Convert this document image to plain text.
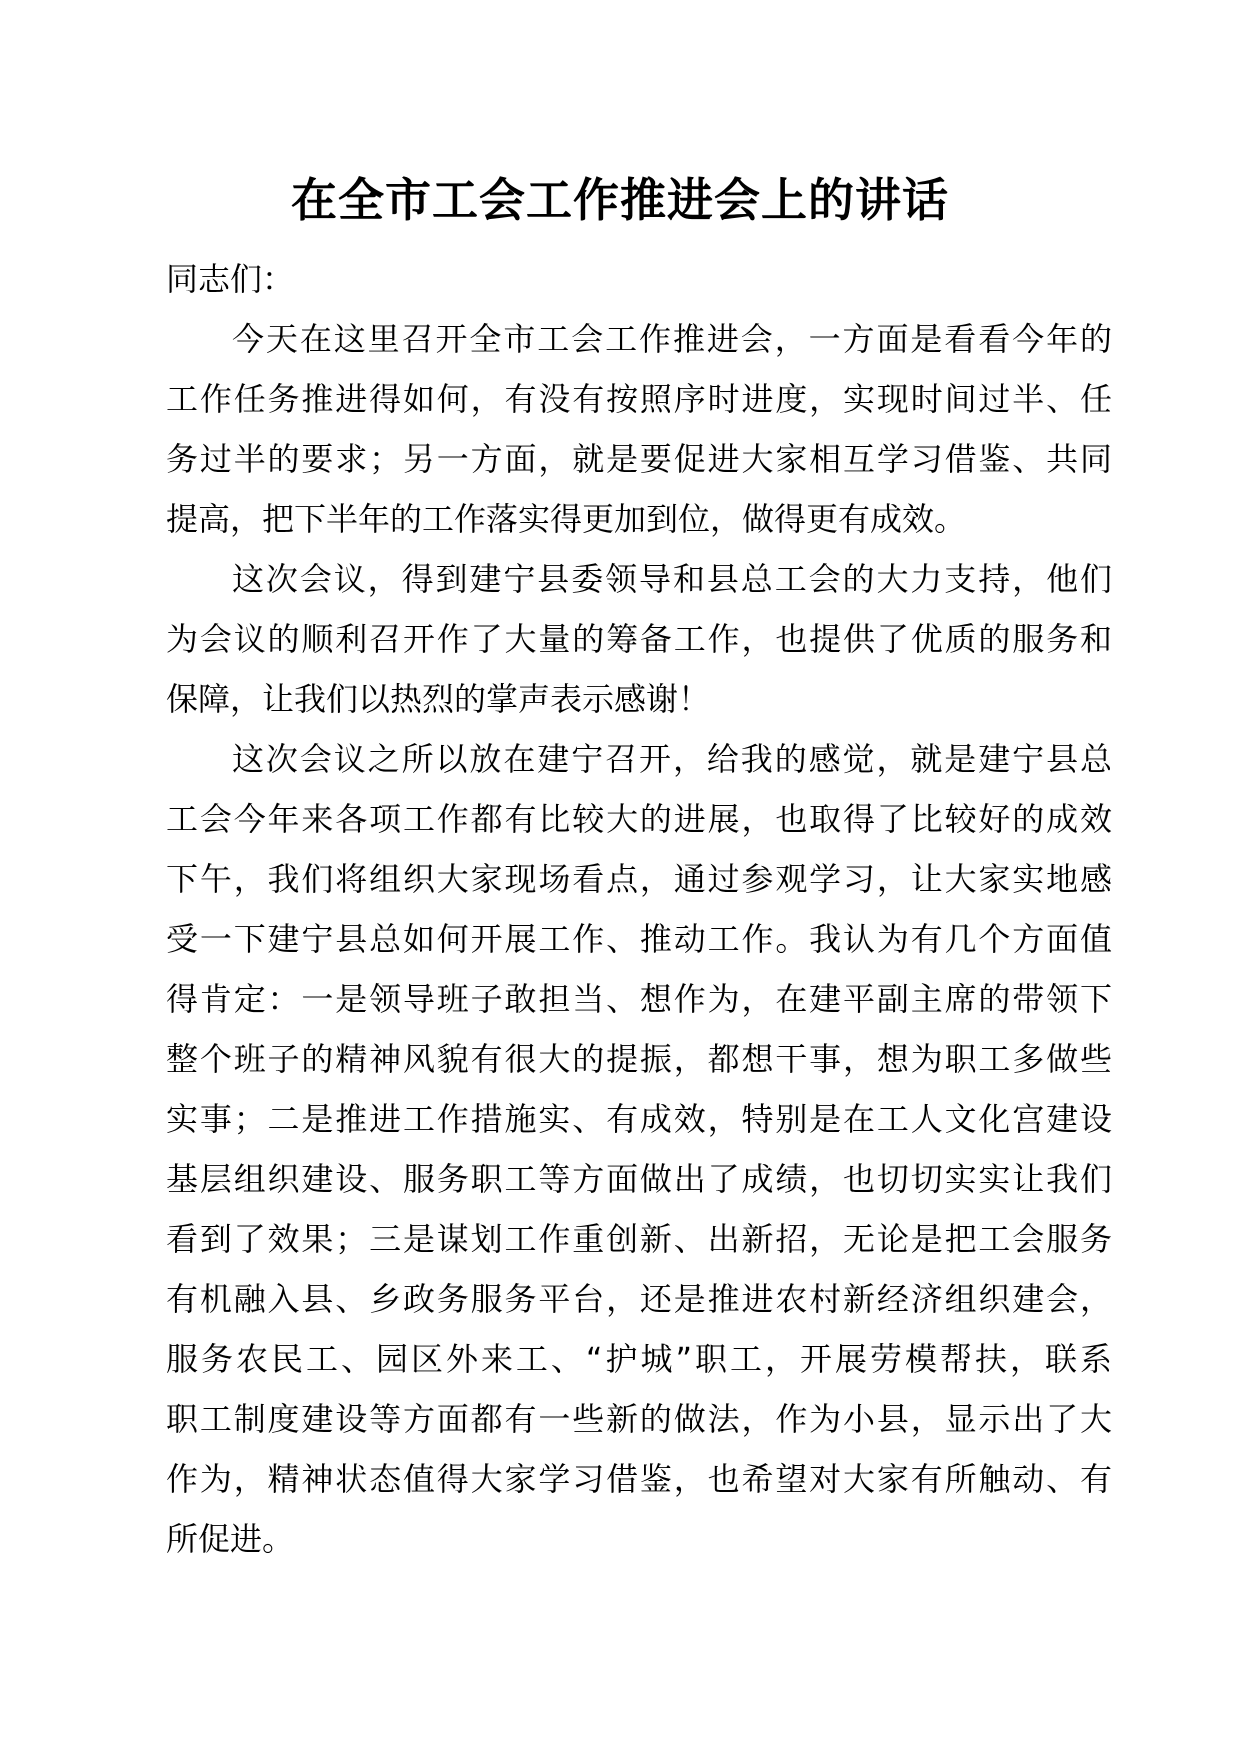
在全市工会工作推进会上的讲话
同志们：
今天在这里召开全市工会工作推进会，一方面是看看今年的
工作任务推进得如何，有没有按照序时进度，实现时间过半、任
务过半的要求；另一方面，就是要促进大家相互学习借鉴、共同
提高，把下半年的工作落实得更加到位，做得更有成效。
这次会议，得到建宁县委领导和县总工会的大力支持，他们
为会议的顺利召开作了大量的筹备工作，也提供了优质的服务和
保障，让我们以热烈的掌声表示感谢！
这次会议之所以放在建宁召开，给我的感觉，就是建宁县总
工会今年来各项工作都有比较大的进展，也取得了比较好的成效
下午，我们将组织大家现场看点，通过参观学习，让大家实地感
受一下建宁县总如何开展工作、推动工作。我认为有几个方面值
得肯定：一是领导班子敢担当、想作为，在建平副主席的带领下
整个班子的精神风貌有很大的提振，都想干事，想为职工多做些
实事；二是推进工作措施实、有成效，特别是在工人文化宫建设
基层组织建设、服务职工等方面做出了成绩，也切切实实让我们
看到了效果；三是谋划工作重创新、出新招，无论是把工会服务
有机融入县、乡政务服务平台，还是推进农村新经济组织建会，
服务农民工、园区外来工、“护城”职工，开展劳模帮扶，联系
职工制度建设等方面都有一些新的做法，作为小县，显示出了大
作为，精神状态值得大家学习借鉴，也希望对大家有所触动、有
所促进。
